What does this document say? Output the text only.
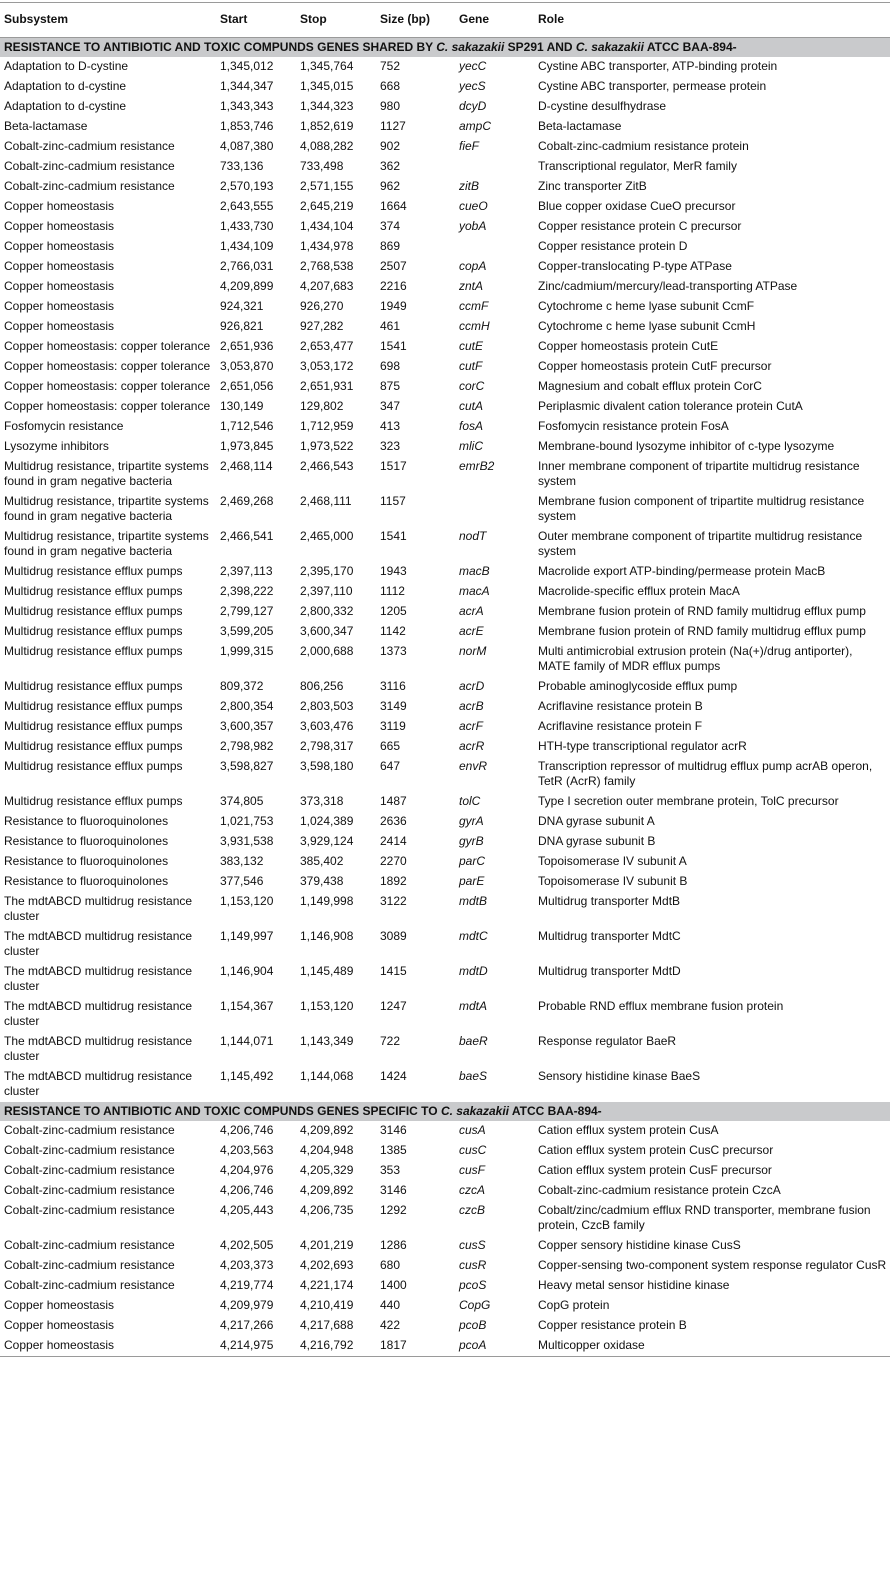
Subsystem	Start	Stop	Size (bp)	Gene	Role
RESISTANCE TO ANTIBIOTIC AND TOXIC COMPUNDS GENES SHARED BY C. sakazakii SP291 AND C. sakazakii ATCC BAA-894-					
Adaptation to D-cystine	1,345,012	1,345,764	752	yecC	Cystine ABC transporter, ATP-binding protein
Adaptation to d-cystine	1,344,347	1,345,015	668	yecS	Cystine ABC transporter, permease protein
Adaptation to d-cystine	1,343,343	1,344,323	980	dcyD	D-cystine desulfhydrase
Beta-lactamase	1,853,746	1,852,619	1127	ampC	Beta-lactamase
Cobalt-zinc-cadmium resistance	4,087,380	4,088,282	902	fieF	Cobalt-zinc-cadmium resistance protein
Cobalt-zinc-cadmium resistance	733,136	733,498	362		Transcriptional regulator, MerR family
Cobalt-zinc-cadmium resistance	2,570,193	2,571,155	962	zitB	Zinc transporter ZitB
Copper homeostasis	2,643,555	2,645,219	1664	cueO	Blue copper oxidase CueO precursor
Copper homeostasis	1,433,730	1,434,104	374	yobA	Copper resistance protein C precursor
Copper homeostasis	1,434,109	1,434,978	869		Copper resistance protein D
Copper homeostasis	2,766,031	2,768,538	2507	copA	Copper-translocating P-type ATPase
Copper homeostasis	4,209,899	4,207,683	2216	zntA	Zinc/cadmium/mercury/lead-transporting ATPase
Copper homeostasis	924,321	926,270	1949	ccmF	Cytochrome c heme lyase subunit CcmF
Copper homeostasis	926,821	927,282	461	ccmH	Cytochrome c heme lyase subunit CcmH
Copper homeostasis: copper tolerance	2,651,936	2,653,477	1541	cutE	Copper homeostasis protein CutE
Copper homeostasis: copper tolerance	3,053,870	3,053,172	698	cutF	Copper homeostasis protein CutF precursor
Copper homeostasis: copper tolerance	2,651,056	2,651,931	875	corC	Magnesium and cobalt efflux protein CorC
Copper homeostasis: copper tolerance	130,149	129,802	347	cutA	Periplasmic divalent cation tolerance protein CutA
Fosfomycin resistance	1,712,546	1,712,959	413	fosA	Fosfomycin resistance protein FosA
Lysozyme inhibitors	1,973,845	1,973,522	323	mliC	Membrane-bound lysozyme inhibitor of c-type lysozyme
Multidrug resistance, tripartite systems found in gram negative bacteria	2,468,114	2,466,543	1517	emrB2	Inner membrane component of tripartite multidrug resistance system
Multidrug resistance, tripartite systems found in gram negative bacteria	2,469,268	2,468,111	1157		Membrane fusion component of tripartite multidrug resistance system
Multidrug resistance, tripartite systems found in gram negative bacteria	2,466,541	2,465,000	1541	nodT	Outer membrane component of tripartite multidrug resistance system
Multidrug resistance efflux pumps	2,397,113	2,395,170	1943	macB	Macrolide export ATP-binding/permease protein MacB
Multidrug resistance efflux pumps	2,398,222	2,397,110	1112	macA	Macrolide-specific efflux protein MacA
Multidrug resistance efflux pumps	2,799,127	2,800,332	1205	acrA	Membrane fusion protein of RND family multidrug efflux pump
Multidrug resistance efflux pumps	3,599,205	3,600,347	1142	acrE	Membrane fusion protein of RND family multidrug efflux pump
Multidrug resistance efflux pumps	1,999,315	2,000,688	1373	norM	Multi antimicrobial extrusion protein (Na(+)/drug antiporter), MATE family of MDR efflux pumps
Multidrug resistance efflux pumps	809,372	806,256	3116	acrD	Probable aminoglycoside efflux pump
Multidrug resistance efflux pumps	2,800,354	2,803,503	3149	acrB	Acriflavine resistance protein B
Multidrug resistance efflux pumps	3,600,357	3,603,476	3119	acrF	Acriflavine resistance protein F
Multidrug resistance efflux pumps	2,798,982	2,798,317	665	acrR	HTH-type transcriptional regulator acrR
Multidrug resistance efflux pumps	3,598,827	3,598,180	647	envR	Transcription repressor of multidrug efflux pump acrAB operon, TetR (AcrR) family
Multidrug resistance efflux pumps	374,805	373,318	1487	tolC	Type I secretion outer membrane protein, TolC precursor
Resistance to fluoroquinolones	1,021,753	1,024,389	2636	gyrA	DNA gyrase subunit A
Resistance to fluoroquinolones	3,931,538	3,929,124	2414	gyrB	DNA gyrase subunit B
Resistance to fluoroquinolones	383,132	385,402	2270	parC	Topoisomerase IV subunit A
Resistance to fluoroquinolones	377,546	379,438	1892	parE	Topoisomerase IV subunit B
The mdtABCD multidrug resistance cluster	1,153,120	1,149,998	3122	mdtB	Multidrug transporter MdtB
The mdtABCD multidrug resistance cluster	1,149,997	1,146,908	3089	mdtC	Multidrug transporter MdtC
The mdtABCD multidrug resistance cluster	1,146,904	1,145,489	1415	mdtD	Multidrug transporter MdtD
The mdtABCD multidrug resistance cluster	1,154,367	1,153,120	1247	mdtA	Probable RND efflux membrane fusion protein
The mdtABCD multidrug resistance cluster	1,144,071	1,143,349	722	baeR	Response regulator BaeR
The mdtABCD multidrug resistance cluster	1,145,492	1,144,068	1424	baeS	Sensory histidine kinase BaeS
RESISTANCE TO ANTIBIOTIC AND TOXIC COMPUNDS GENES SPECIFIC TO C. sakazakii ATCC BAA-894-					
Cobalt-zinc-cadmium resistance	4,206,746	4,209,892	3146	cusA	Cation efflux system protein CusA
Cobalt-zinc-cadmium resistance	4,203,563	4,204,948	1385	cusC	Cation efflux system protein CusC precursor
Cobalt-zinc-cadmium resistance	4,204,976	4,205,329	353	cusF	Cation efflux system protein CusF precursor
Cobalt-zinc-cadmium resistance	4,206,746	4,209,892	3146	czcA	Cobalt-zinc-cadmium resistance protein CzcA
Cobalt-zinc-cadmium resistance	4,205,443	4,206,735	1292	czcB	Cobalt/zinc/cadmium efflux RND transporter, membrane fusion protein, CzcB family
Cobalt-zinc-cadmium resistance	4,202,505	4,201,219	1286	cusS	Copper sensory histidine kinase CusS
Cobalt-zinc-cadmium resistance	4,203,373	4,202,693	680	cusR	Copper-sensing two-component system response regulator CusR
Cobalt-zinc-cadmium resistance	4,219,774	4,221,174	1400	pcoS	Heavy metal sensor histidine kinase
Copper homeostasis	4,209,979	4,210,419	440	CopG	CopG protein
Copper homeostasis	4,217,266	4,217,688	422	pcoB	Copper resistance protein B
Copper homeostasis	4,214,975	4,216,792	1817	pcoA	Multicopper oxidase
